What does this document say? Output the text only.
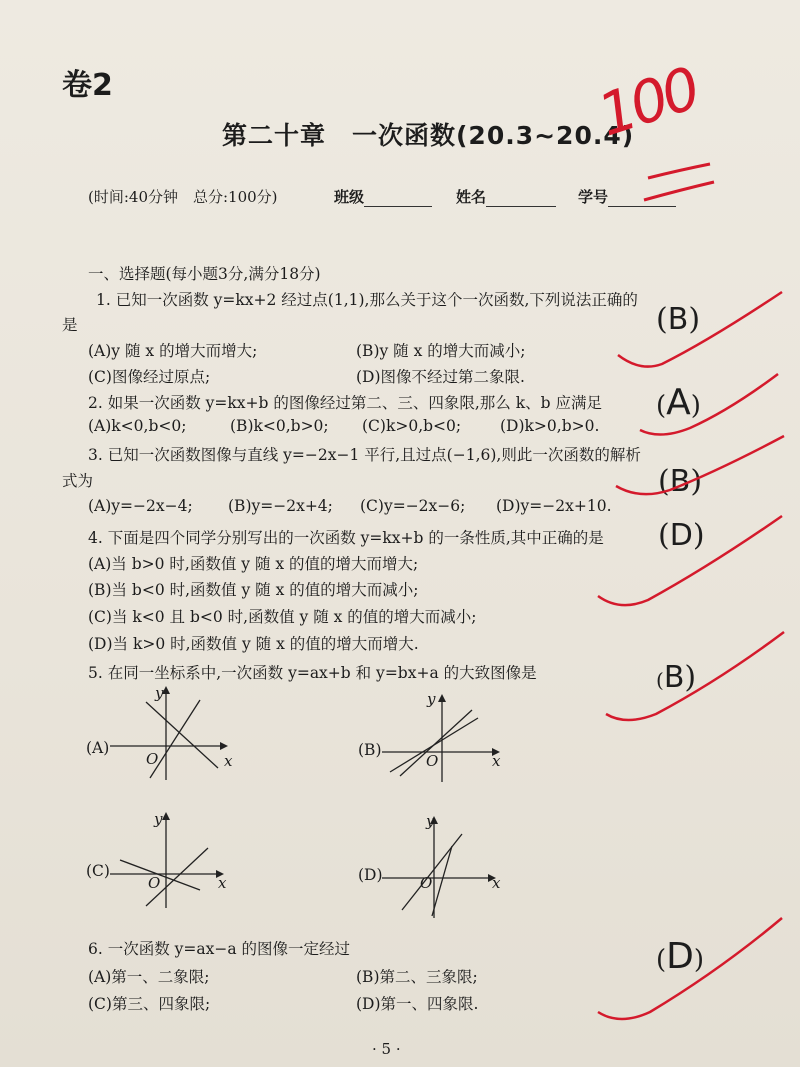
卷2
第二十章　一次函数(20.3~20.4)
100
(时间:40分钟　总分:100分)	班级	姓名	学号
一、选择题(每小题3分,满分18分)
1. 已知一次函数 y=kx+2 经过点(1,1),那么关于这个一次函数,下列说法正确的
是
(A)y 随 x 的增大而增大;	(B)y 随 x 的增大而减小;
(C)图像经过原点;	(D)图像不经过第二象限.
(B)
2. 如果一次函数 y=kx+b 的图像经过第二、三、四象限,那么 k、b 应满足
(A)k<0,b<0;	(B)k<0,b>0; (C)k>0,b<0;	(D)k>0,b>0.
(A)
3. 已知一次函数图像与直线 y=−2x−1 平行,且过点(−1,6),则此一次函数的解析
式为
(A)y=−2x−4; (B)y=−2x+4; (C)y=−2x−6; (D)y=−2x+10.
(B)
4. 下面是四个同学分别写出的一次函数 y=kx+b 的一条性质,其中正确的是
(A)当 b>0 时,函数值 y 随 x 的值的增大而增大;
(B)当 b<0 时,函数值 y 随 x 的值的增大而减小;
(C)当 k<0 且 b<0 时,函数值 y 随 x 的值的增大而减小;
(D)当 k>0 时,函数值 y 随 x 的值的增大而增大.
(D)
5. 在同一坐标系中,一次函数 y=ax+b 和 y=bx+a 的大致图像是	(B)
(A)
y
O	x
(B)
y
O	x
(C)
y
O	x	(D)
y
O	x
6. 一次函数 y=ax−a 的图像一定经过
(A)第一、二象限;	(B)第二、三象限;
(C)第三、四象限;	(D)第一、四象限.
(D)
· 5 ·
